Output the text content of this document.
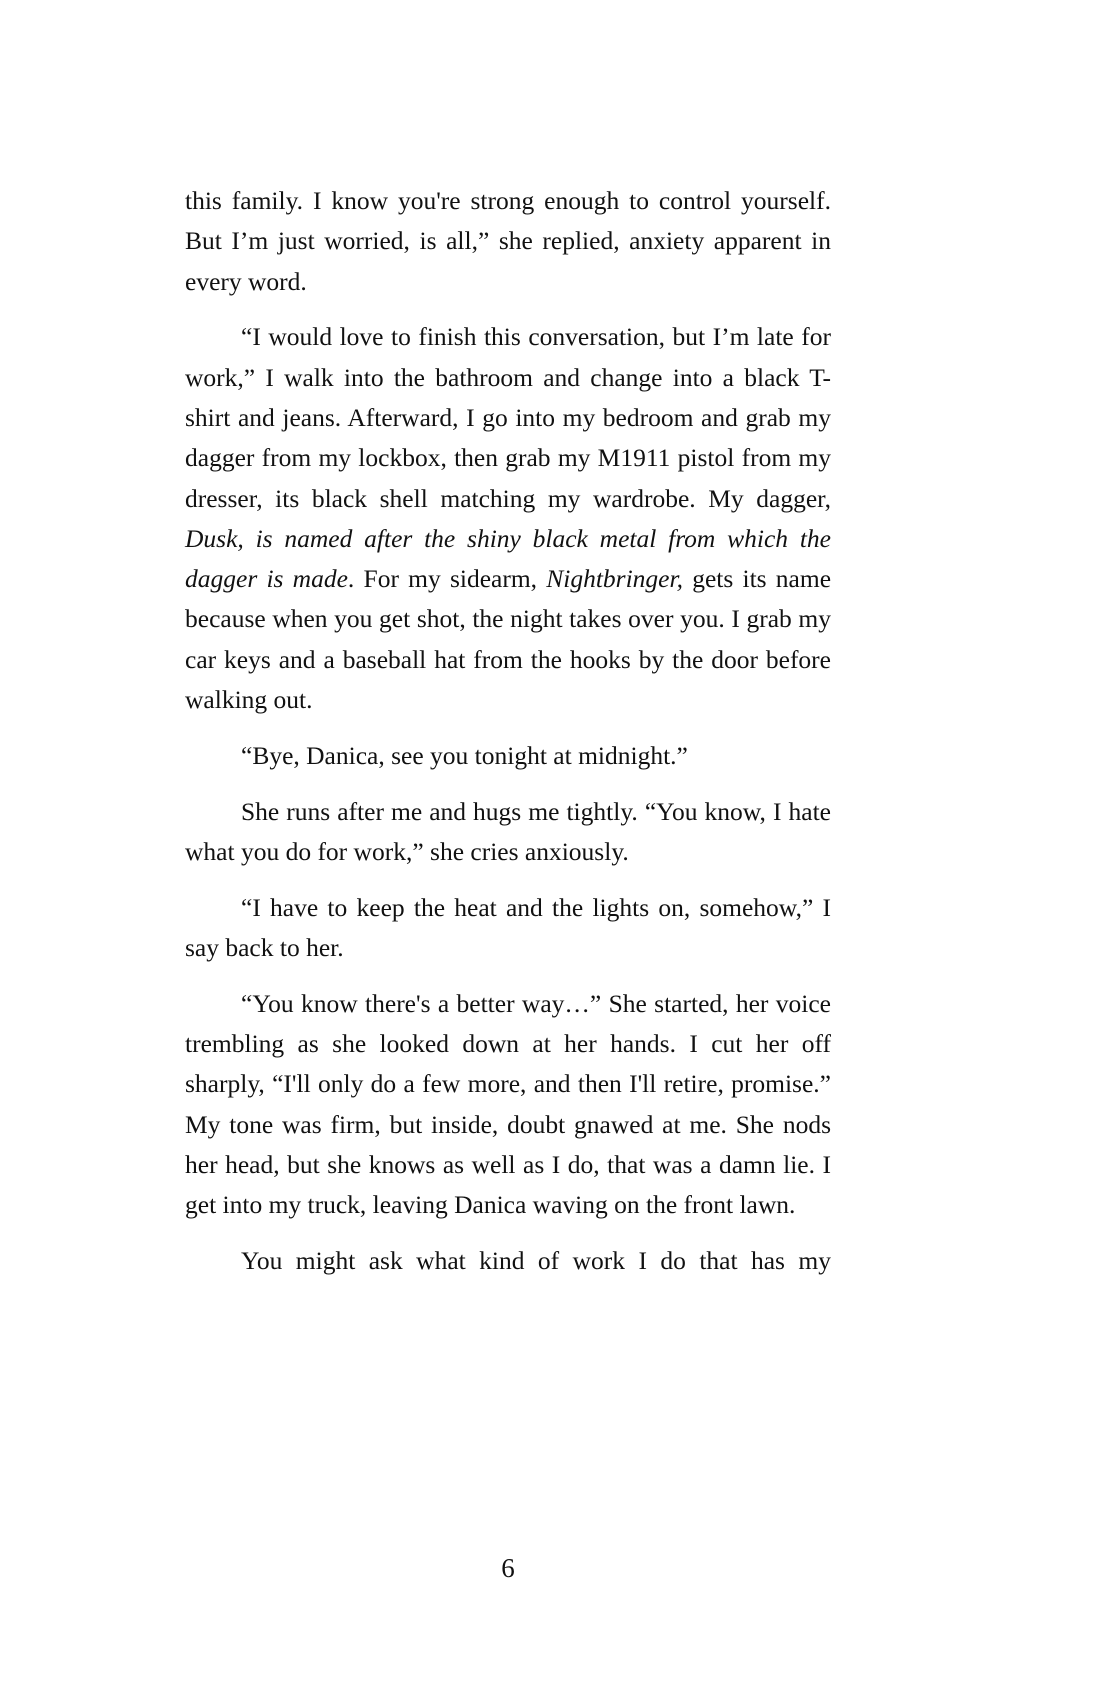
this family. I know you're strong enough to control yourself. But I’m just worried, is all,” she replied, anxiety apparent in every word.

“I would love to finish this conversation, but I’m late for work,” I walk into the bathroom and change into a black T-shirt and jeans. Afterward, I go into my bedroom and grab my dagger from my lockbox, then grab my M1911 pistol from my dresser, its black shell matching my wardrobe. My dagger, Dusk, is named after the shiny black metal from which the dagger is made. For my sidearm, Nightbringer, gets its name because when you get shot, the night takes over you. I grab my car keys and a baseball hat from the hooks by the door before walking out.

“Bye, Danica, see you tonight at midnight.”

She runs after me and hugs me tightly. “You know, I hate what you do for work,” she cries anxiously.

“I have to keep the heat and the lights on, somehow,” I say back to her.

“You know there's a better way…” She started, her voice trembling as she looked down at her hands. I cut her off sharply, “I'll only do a few more, and then I'll retire, promise.” My tone was firm, but inside, doubt gnawed at me. She nods her head, but she knows as well as I do, that was a damn lie. I get into my truck, leaving Danica waving on the front lawn.

You might ask what kind of work I do that has my

6
